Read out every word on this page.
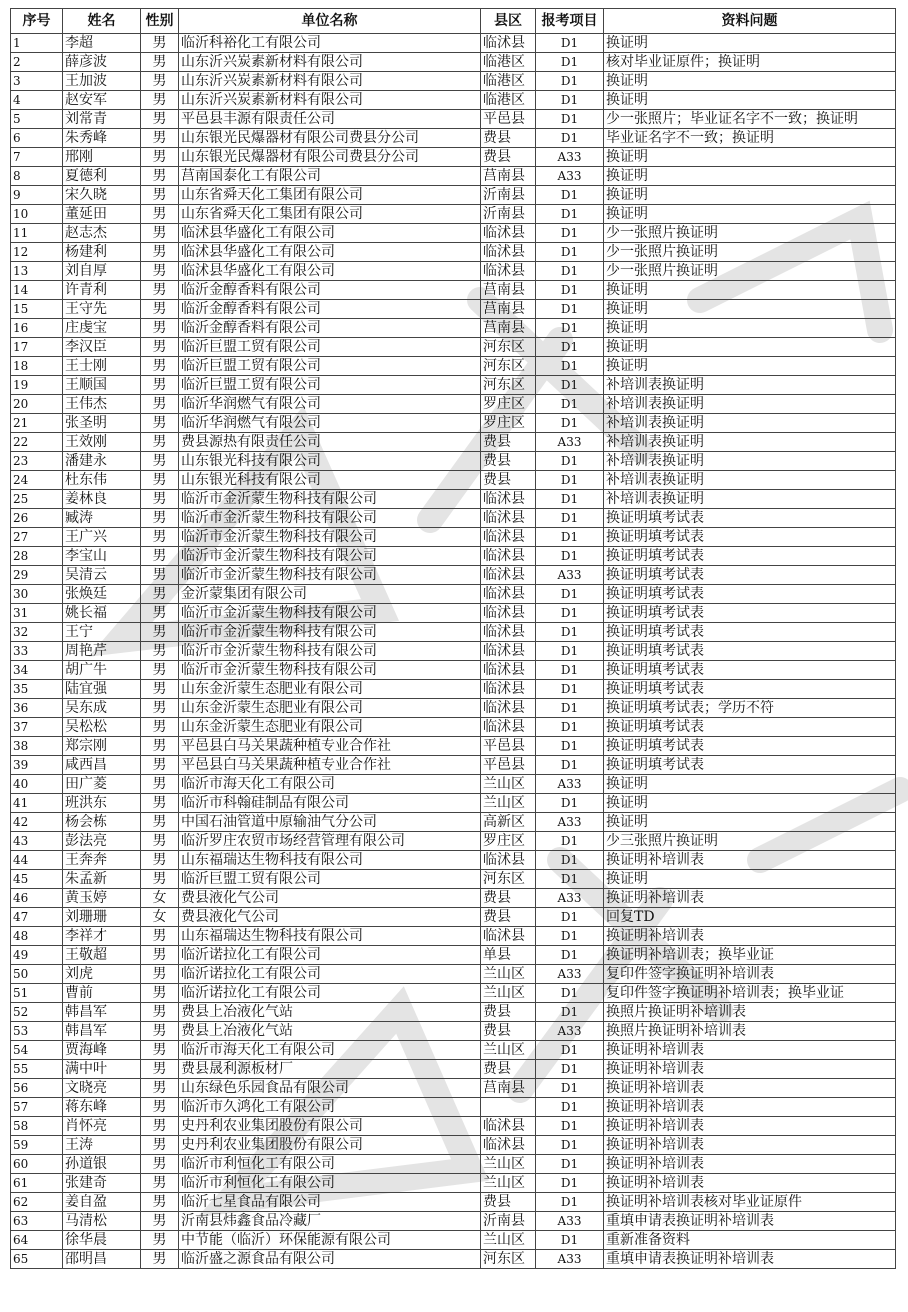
序号	姓名	性别	单位名称	县区	报考项目	资料问题
1	李超	男	临沂科裕化工有限公司	临沭县	D1	换证明
2	薛彦波	男	山东沂兴炭素新材料有限公司	临港区	D1	核对毕业证原件；换证明
3	王加波	男	山东沂兴炭素新材料有限公司	临港区	D1	换证明
4	赵安军	男	山东沂兴炭素新材料有限公司	临港区	D1	换证明
5	刘常青	男	平邑县丰源有限责任公司	平邑县	D1	少一张照片；毕业证名字不一致；换证明
6	朱秀峰	男	山东银光民爆器材有限公司费县分公司	费县	D1	毕业证名字不一致；换证明
7	邢刚	男	山东银光民爆器材有限公司费县分公司	费县	A33	换证明
8	夏德利	男	莒南国泰化工有限公司	莒南县	A33	换证明
9	宋久晓	男	山东省舜天化工集团有限公司	沂南县	D1	换证明
10	董延田	男	山东省舜天化工集团有限公司	沂南县	D1	换证明
11	赵志杰	男	临沭县华盛化工有限公司	临沭县	D1	少一张照片换证明
12	杨建利	男	临沭县华盛化工有限公司	临沭县	D1	少一张照片换证明
13	刘自厚	男	临沭县华盛化工有限公司	临沭县	D1	少一张照片换证明
14	许青利	男	临沂金醇香料有限公司	莒南县	D1	换证明
15	王守先	男	临沂金醇香料有限公司	莒南县	D1	换证明
16	庄虔宝	男	临沂金醇香料有限公司	莒南县	D1	换证明
17	李汉臣	男	临沂巨盟工贸有限公司	河东区	D1	换证明
18	王士刚	男	临沂巨盟工贸有限公司	河东区	D1	换证明
19	王顺国	男	临沂巨盟工贸有限公司	河东区	D1	补培训表换证明
20	王伟杰	男	临沂华润燃气有限公司	罗庄区	D1	补培训表换证明
21	张圣明	男	临沂华润燃气有限公司	罗庄区	D1	补培训表换证明
22	王效刚	男	费县源热有限责任公司	费县	A33	补培训表换证明
23	潘建永	男	山东银光科技有限公司	费县	D1	补培训表换证明
24	杜东伟	男	山东银光科技有限公司	费县	D1	补培训表换证明
25	姜林良	男	临沂市金沂蒙生物科技有限公司	临沭县	D1	补培训表换证明
26	臧涛	男	临沂市金沂蒙生物科技有限公司	临沭县	D1	换证明填考试表
27	王广兴	男	临沂市金沂蒙生物科技有限公司	临沭县	D1	换证明填考试表
28	李宝山	男	临沂市金沂蒙生物科技有限公司	临沭县	D1	换证明填考试表
29	吴清云	男	临沂市金沂蒙生物科技有限公司	临沭县	A33	换证明填考试表
30	张焕廷	男	金沂蒙集团有限公司	临沭县	D1	换证明填考试表
31	姚长福	男	临沂市金沂蒙生物科技有限公司	临沭县	D1	换证明填考试表
32	王宁	男	临沂市金沂蒙生物科技有限公司	临沭县	D1	换证明填考试表
33	周艳芹	男	临沂市金沂蒙生物科技有限公司	临沭县	D1	换证明填考试表
34	胡广牛	男	临沂市金沂蒙生物科技有限公司	临沭县	D1	换证明填考试表
35	陆宜强	男	山东金沂蒙生态肥业有限公司	临沭县	D1	换证明填考试表
36	吴东成	男	山东金沂蒙生态肥业有限公司	临沭县	D1	换证明填考试表；学历不符
37	吴松松	男	山东金沂蒙生态肥业有限公司	临沭县	D1	换证明填考试表
38	郑宗刚	男	平邑县白马关果蔬种植专业合作社	平邑县	D1	换证明填考试表
39	咸西昌	男	平邑县白马关果蔬种植专业合作社	平邑县	D1	换证明填考试表
40	田广菱	男	临沂市海天化工有限公司	兰山区	A33	换证明
41	班洪东	男	临沂市科翰硅制品有限公司	兰山区	D1	换证明
42	杨会栋	男	中国石油管道中原输油气分公司	高新区	A33	换证明
43	彭法亮	男	临沂罗庄农贸市场经营管理有限公司	罗庄区	D1	少三张照片换证明
44	王奔奔	男	山东福瑞达生物科技有限公司	临沭县	D1	换证明补培训表
45	朱孟新	男	临沂巨盟工贸有限公司	河东区	D1	换证明
46	黄玉婷	女	费县液化气公司	费县	A33	换证明补培训表
47	刘珊珊	女	费县液化气公司	费县	D1	回复TD
48	李祥才	男	山东福瑞达生物科技有限公司	临沭县	D1	换证明补培训表
49	王敬超	男	临沂诺拉化工有限公司	单县	D1	换证明补培训表；换毕业证
50	刘虎	男	临沂诺拉化工有限公司	兰山区	A33	复印件签字换证明补培训表
51	曹前	男	临沂诺拉化工有限公司	兰山区	D1	复印件签字换证明补培训表；换毕业证
52	韩昌军	男	费县上冶液化气站	费县	D1	换照片换证明补培训表
53	韩昌军	男	费县上冶液化气站	费县	A33	换照片换证明补培训表
54	贾海峰	男	临沂市海天化工有限公司	兰山区	D1	换证明补培训表
55	满中叶	男	费县晟利源板材厂	费县	D1	换证明补培训表
56	文晓亮	男	山东绿色乐园食品有限公司	莒南县	D1	换证明补培训表
57	蒋东峰	男	临沂市久鸿化工有限公司		D1	换证明补培训表
58	肖怀亮	男	史丹利农业集团股份有限公司	临沭县	D1	换证明补培训表
59	王涛	男	史丹利农业集团股份有限公司	临沭县	D1	换证明补培训表
60	孙道银	男	临沂市利恒化工有限公司	兰山区	D1	换证明补培训表
61	张建奇	男	临沂市利恒化工有限公司	兰山区	D1	换证明补培训表
62	姜自盈	男	临沂七星食品有限公司	费县	D1	换证明补培训表核对毕业证原件
63	马清松	男	沂南县炜鑫食品冷藏厂	沂南县	A33	重填申请表换证明补培训表
64	徐华晨	男	中节能（临沂）环保能源有限公司	兰山区	D1	重新准备资料
65	邵明昌	男	临沂盛之源食品有限公司	河东区	A33	重填申请表换证明补培训表
